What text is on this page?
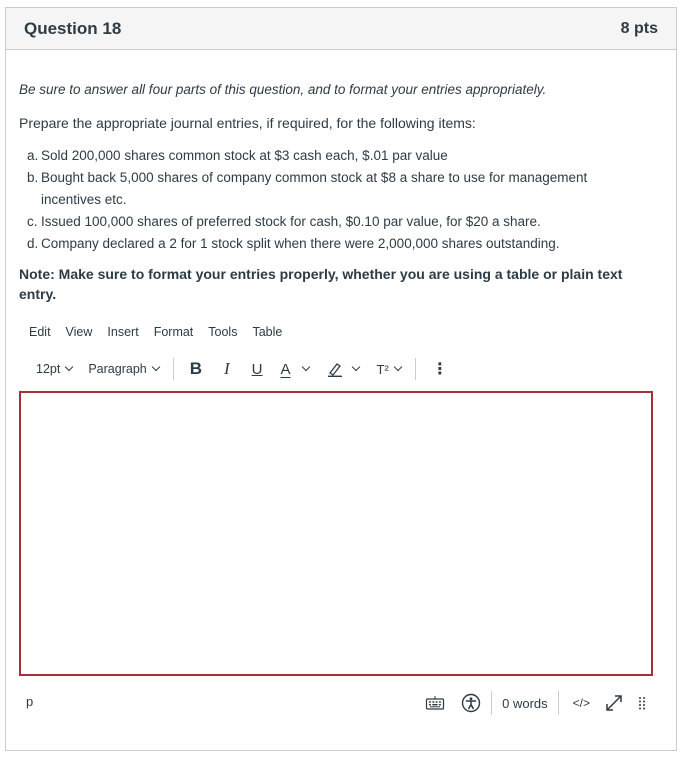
Question 18	8 pts
Be sure to answer all four parts of this question, and to format your entries appropriately.
Prepare the appropriate journal entries, if required, for the following items:
a. Sold 200,000 shares common stock at $3 cash each, $.01 par value
b. Bought back 5,000 shares of company common stock at $8 a share to use for management incentives etc.
c. Issued 100,000 shares of preferred stock for cash, $0.10 par value, for $20 a share.
d. Company declared a 2 for 1 stock split when there were 2,000,000 shares outstanding.
Note: Make sure to format your entries properly, whether you are using a table or plain text entry.
Edit View Insert Format Tools Table
12pt Paragraph	B I U A	T²	⋮
p	0 words </>
